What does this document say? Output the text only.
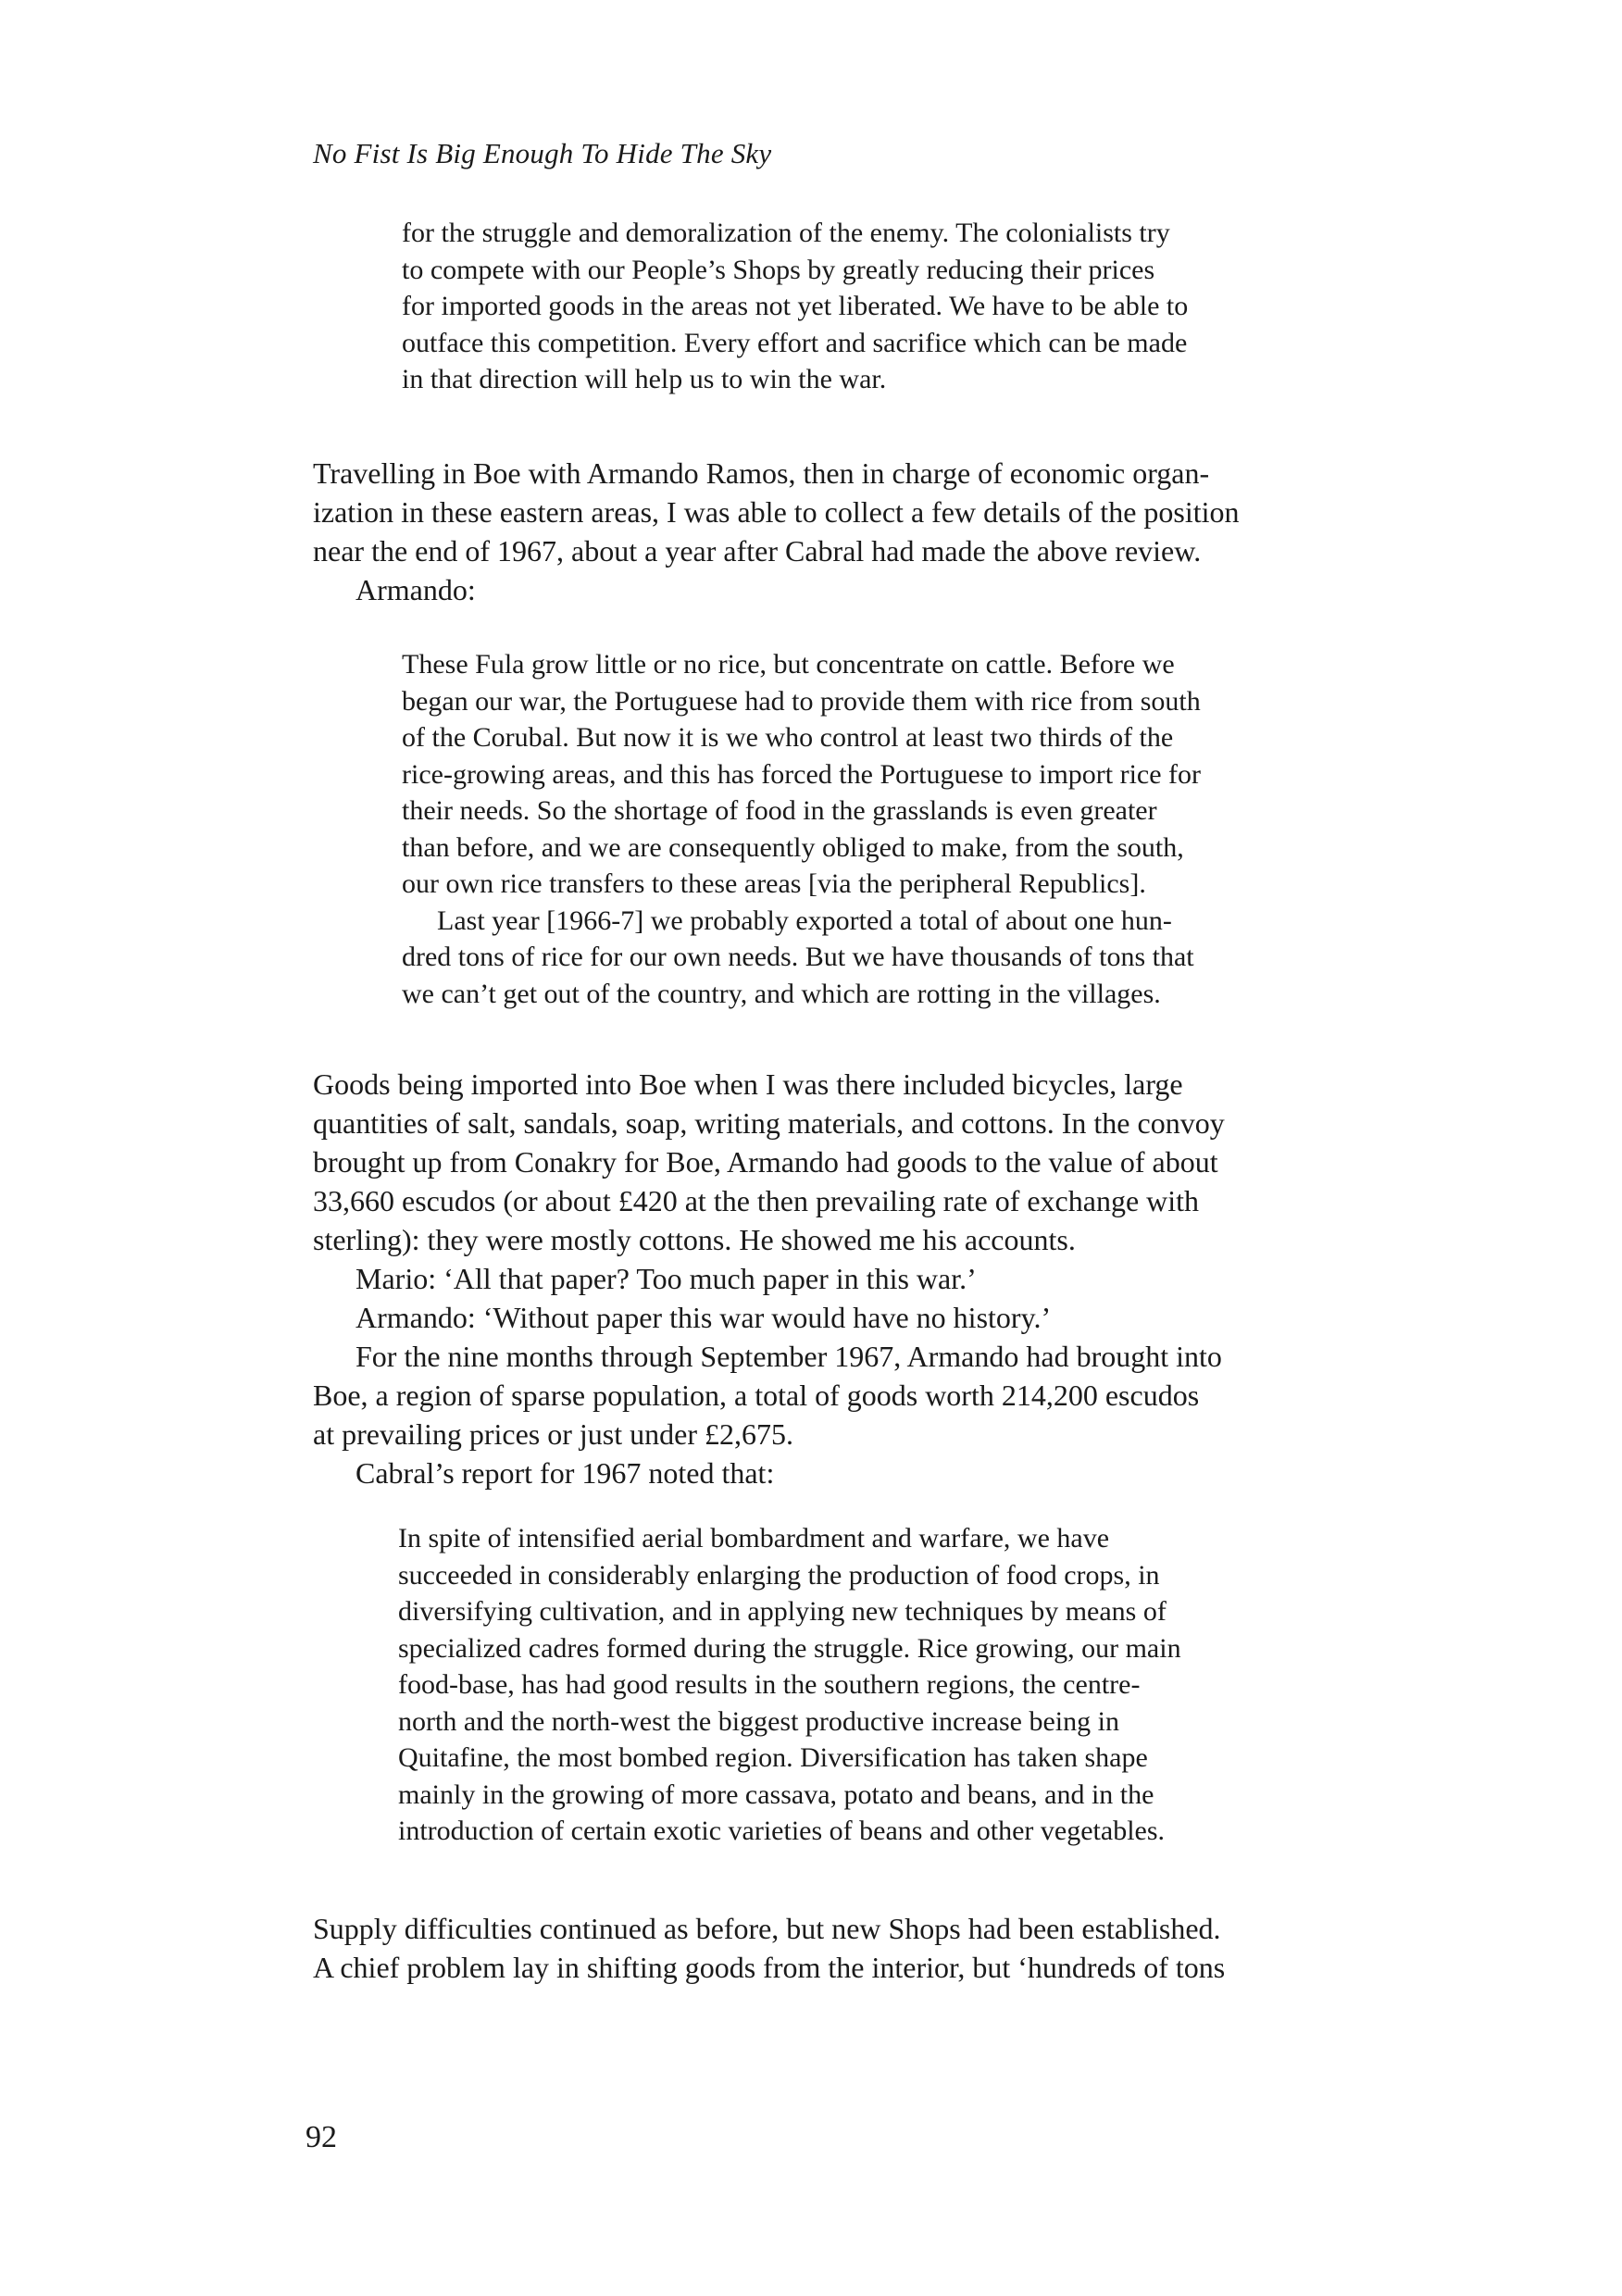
No Fist Is Big Enough To Hide The Sky
for the struggle and demoralization of the enemy. The colonialists try
to compete with our People’s Shops by greatly reducing their prices
for imported goods in the areas not yet liberated. We have to be able to
outface this competition. Every effort and sacrifice which can be made
in that direction will help us to win the war.
Travelling in Boe with Armando Ramos, then in charge of economic organ-
ization in these eastern areas, I was able to collect a few details of the position
near the end of 1967, about a year after Cabral had made the above review.
Armando:
These Fula grow little or no rice, but concentrate on cattle. Before we
began our war, the Portuguese had to provide them with rice from south
of the Corubal. But now it is we who control at least two thirds of the
rice-growing areas, and this has forced the Portuguese to import rice for
their needs. So the shortage of food in the grasslands is even greater
than before, and we are consequently obliged to make, from the south,
our own rice transfers to these areas [via the peripheral Republics].
Last year [1966-7] we probably exported a total of about one hun-
dred tons of rice for our own needs. But we have thousands of tons that
we can’t get out of the country, and which are rotting in the villages.
Goods being imported into Boe when I was there included bicycles, large
quantities of salt, sandals, soap, writing materials, and cottons. In the convoy
brought up from Conakry for Boe, Armando had goods to the value of about
33,660 escudos (or about £420 at the then prevailing rate of exchange with
sterling): they were mostly cottons. He showed me his accounts.
Mario: ‘All that paper? Too much paper in this war.’
Armando: ‘Without paper this war would have no history.’
For the nine months through September 1967, Armando had brought into
Boe, a region of sparse population, a total of goods worth 214,200 escudos
at prevailing prices or just under £2,675.
Cabral’s report for 1967 noted that:
In spite of intensified aerial bombardment and warfare, we have
succeeded in considerably enlarging the production of food crops, in
diversifying cultivation, and in applying new techniques by means of
specialized cadres formed during the struggle. Rice growing, our main
food-base, has had good results in the southern regions, the centre-
north and the north-west the biggest productive increase being in
Quitafine, the most bombed region. Diversification has taken shape
mainly in the growing of more cassava, potato and beans, and in the
introduction of certain exotic varieties of beans and other vegetables.
Supply difficulties continued as before, but new Shops had been established.
A chief problem lay in shifting goods from the interior, but ‘hundreds of tons
92
